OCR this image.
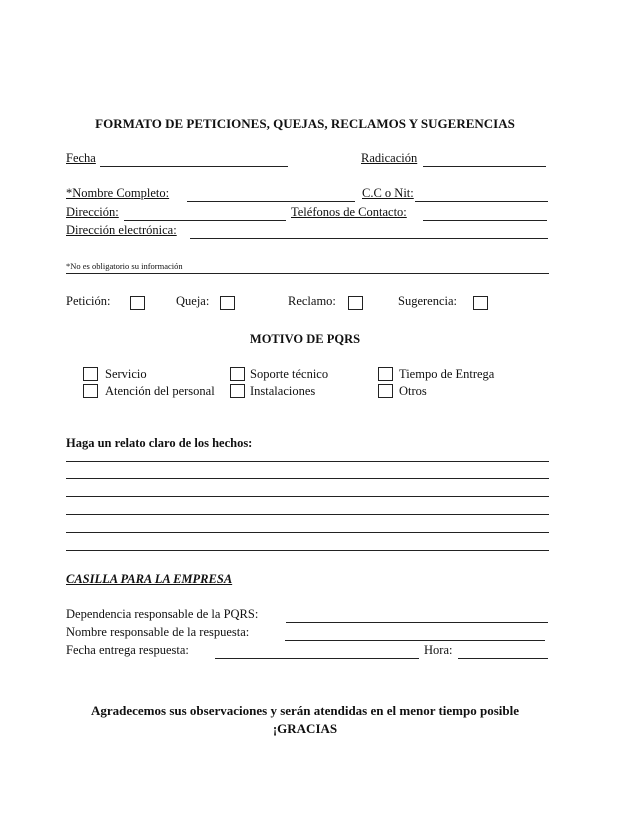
FORMATO DE PETICIONES, QUEJAS, RECLAMOS Y SUGERENCIAS
Fecha	Radicación
*Nombre Completo:	C.C o Nit:
Dirección:	Teléfonos de Contacto:
Dirección electrónica:
*No es obligatorio su información
Petición:	Queja:	Reclamo:	Sugerencia:
MOTIVO DE PQRS
Servicio	Soporte técnico	Tiempo de Entrega
Atención del personal	Instalaciones	Otros
Haga un relato claro de los hechos:
CASILLA PARA LA EMPRESA
Dependencia responsable de la PQRS:
Nombre responsable de la respuesta:
Fecha entrega respuesta:	Hora:
Agradecemos sus observaciones y serán atendidas en el menor tiempo posible ¡GRACIAS
